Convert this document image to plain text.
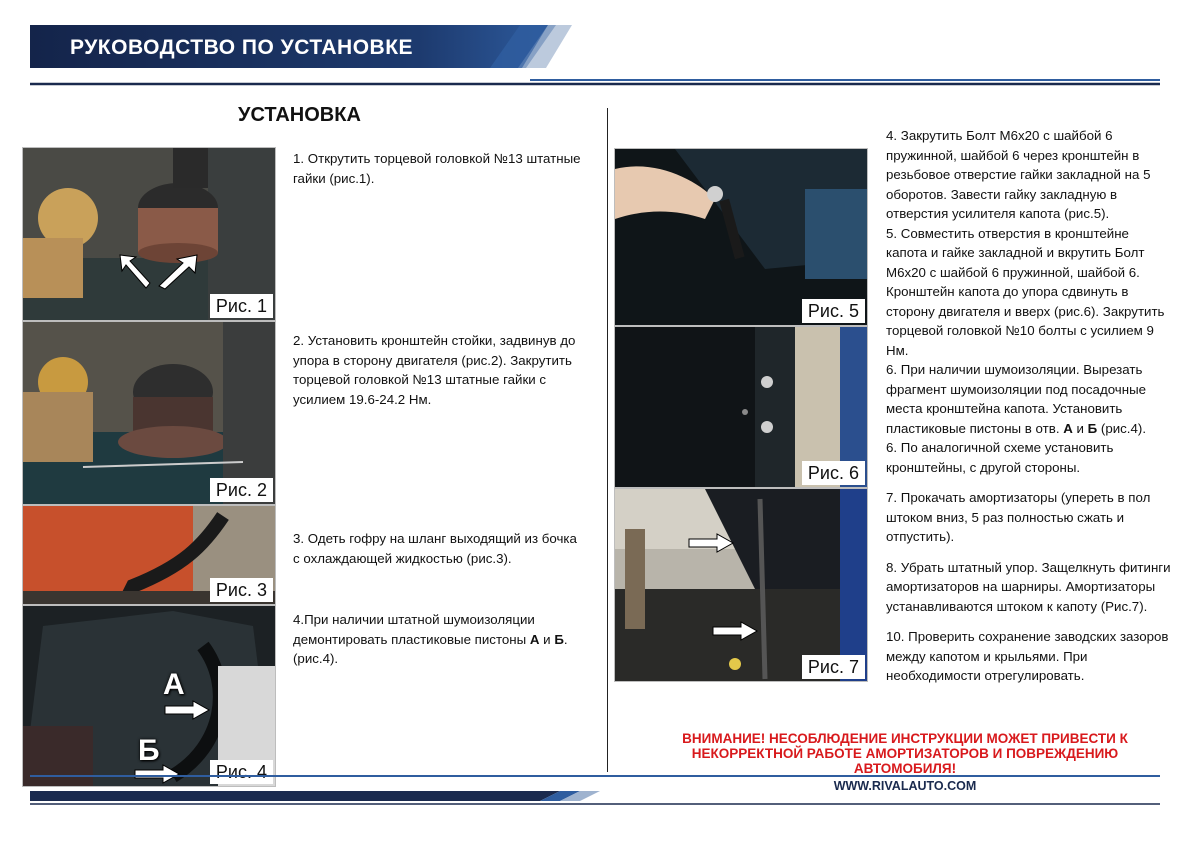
РУКОВОДСТВО ПО УСТАНОВКЕ
УСТАНОВКА
Рис. 1
Рис. 2
Рис. 3
А
Б
Рис. 4
1. Открутить торцевой головкой №13 штатные гайки (рис.1).
2. Установить кронштейн стойки, задвинув до упора в сторону двигателя (рис.2). Закрутить торцевой головкой №13 штатные гайки с усилием 19.6-24.2 Нм.
3. Одеть гофру на шланг выходящий из бочка с охлаждающей жидкостью (рис.3).
4.При наличии штатной шумоизоляции демонтировать пластиковые пистоны А и Б. (рис.4).
Рис. 5
Рис. 6
Рис. 7
4. Закрутить Болт М6х20 с шайбой 6 пружинной, шайбой 6 через кронштейн в резьбовое отверстие гайки закладной на 5 оборотов. Завести гайку закладную в отверстия усилителя капота (рис.5).
5. Совместить отверстия в кронштейне капота и гайке закладной и вкрутить Болт М6х20 с шайбой 6 пружинной, шайбой 6. Кронштейн капота до упора сдвинуть в сторону двигателя и вверх (рис.6). Закрутить торцевой головкой №10 болты с усилием 9 Нм.
6. При наличии шумоизоляции. Вырезать фрагмент шумоизоляции под посадочные места кронштейна капота. Установить пластиковые пистоны в отв. А и Б (рис.4).
6. По аналогичной схеме установить кронштейны, с другой стороны.
7. Прокачать амортизаторы (упереть в пол штоком вниз, 5 раз полностью сжать и отпустить).
8. Убрать штатный упор. Защелкнуть фитинги амортизаторов на шарниры. Амортизаторы устанавливаются штоком к капоту (Рис.7).
10. Проверить сохранение заводских зазоров между капотом и крыльями. При необходимости отрегулировать.
ВНИМАНИЕ! НЕСОБЛЮДЕНИЕ ИНСТРУКЦИИ МОЖЕТ ПРИВЕСТИ К НЕКОРРЕКТНОЙ РАБОТЕ АМОРТИЗАТОРОВ И ПОВРЕЖДЕНИЮ АВТОМОБИЛЯ!
WWW.RIVALAUTO.COM
